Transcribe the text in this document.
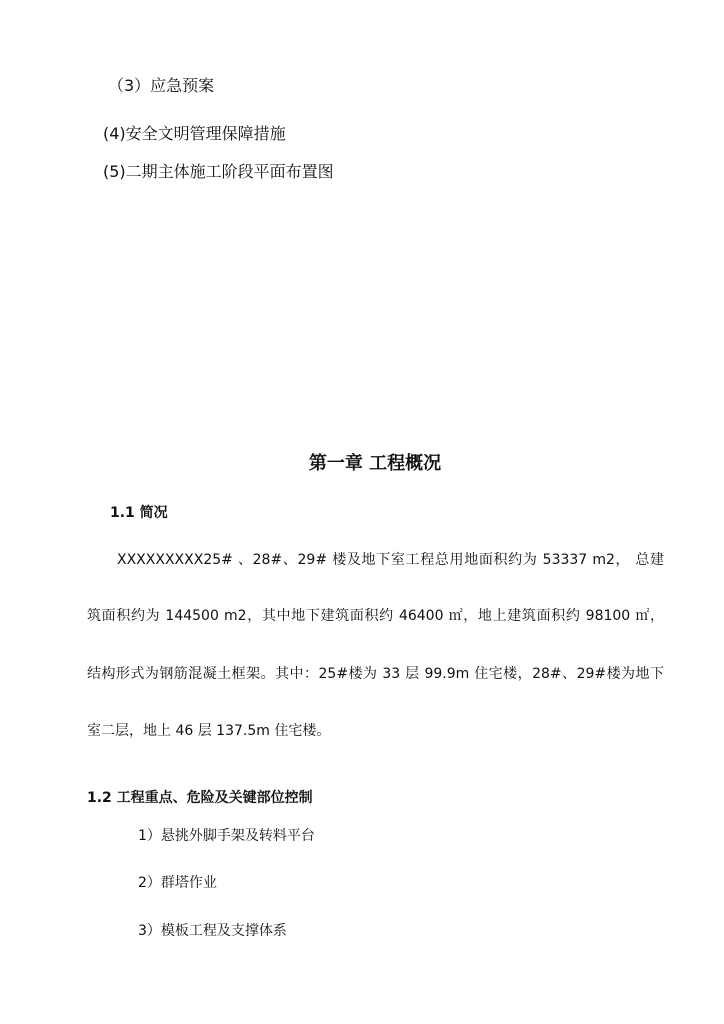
（3）应急预案
(4)安全文明管理保障措施
(5)二期主体施工阶段平面布置图
第一章 工程概况
1.1 简况
XXXXXXXXX25# 、28#、29# 楼及地下室工程总用地面积约为 53337 m2， 总建
筑面积约为 144500 m2，其中地下建筑面积约 46400 ㎡，地上建筑面积约 98100 ㎡，
结构形式为钢筋混凝土框架。其中：25#楼为 33 层 99.9m 住宅楼，28#、29#楼为地下
室二层，地上 46 层 137.5m 住宅楼。
1.2 工程重点、危险及关键部位控制
1）悬挑外脚手架及转料平台
2）群塔作业
3）模板工程及支撑体系
